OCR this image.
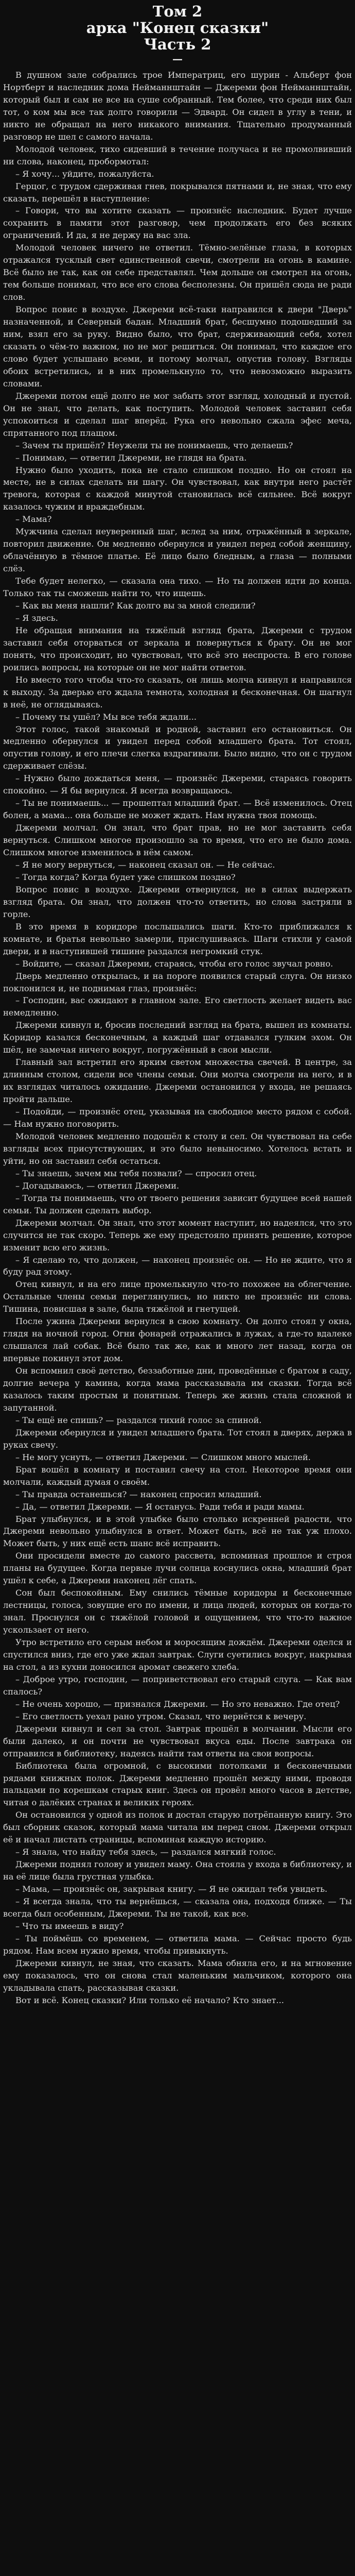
Том 2
арка "Конец сказки"
Часть 2
—

В душном зале собрались трое Императриц, его шурин - Альберт фон Нортберт и наследник дома Нейманнштайн — Джереми фон Нейманнштайн, который был и сам не все на суше собранный. Тем более, что среди них был тот, о ком мы все так долго говорили — Эдвард. Он сидел в углу в тени, и никто не обращал на него никакого внимания. Тщательно продуманный разговор не шел с самого начала.

Молодой человек, тихо сидевший в течение получаса и не промолвивший ни слова, наконец, пробормотал:

– Я хочу... уйдите, пожалуйста.

Герцог, с трудом сдерживая гнев, покрывался пятнами и, не зная, что ему сказать, перешёл в наступление:

– Говори, что вы хотите сказать — произнёс наследник. Будет лучше сохранить в памяти этот разговор, чем продолжать его без всяких ограничений. И да, я не держу на вас зла.

Молодой человек ничего не ответил. Тёмно-зелёные глаза, в которых отражался тусклый свет единственной свечи, смотрели на огонь в камине. Всё было не так, как он себе представлял. Чем дольше он смотрел на огонь, тем больше понимал, что все его слова бесполезны. Он пришёл сюда не ради слов.

Вопрос повис в воздухе. Джереми всё-таки направился к двери "Дверь" назначенной, и Северный бадан. Младший брат, бесшумно подошедший за ним, взял его за руку. Видно было, что брат, сдерживающий себя, хотел сказать о чём-то важном, но не мог решиться. Он понимал, что каждое его слово будет услышано всеми, и потому молчал, опустив голову. Взгляды обоих встретились, и в них промелькнуло то, что невозможно выразить словами.

Джереми потом ещё долго не мог забыть этот взгляд, холодный и пустой. Он не знал, что делать, как поступить. Молодой человек заставил себя успокоиться и сделал шаг вперёд. Рука его невольно сжала эфес меча, спрятанного под плащом.

– Зачем ты пришёл? Неужели ты не понимаешь, что делаешь?

– Понимаю, — ответил Джереми, не глядя на брата.

Нужно было уходить, пока не стало слишком поздно. Но он стоял на месте, не в силах сделать ни шагу. Он чувствовал, как внутри него растёт тревога, которая с каждой минутой становилась всё сильнее. Всё вокруг казалось чужим и враждебным.

– Мама?

Мужчина сделал неуверенный шаг, вслед за ним, отражённый в зеркале, повторил движение. Он медленно обернулся и увидел перед собой женщину, облачённую в тёмное платье. Её лицо было бледным, а глаза — полными слёз.

Тебе будет нелегко, — сказала она тихо. — Но ты должен идти до конца. Только так ты сможешь найти то, что ищешь.

– Как вы меня нашли? Как долго вы за мной следили?

– Я здесь.

Не обращая внимания на тяжёлый взгляд брата, Джереми с трудом заставил себя оторваться от зеркала и повернуться к брату. Он не мог понять, что происходит, но чувствовал, что всё это неспроста. В его голове роились вопросы, на которые он не мог найти ответов.

Но вместо того чтобы что-то сказать, он лишь молча кивнул и направился к выходу. За дверью его ждала темнота, холодная и бесконечная. Он шагнул в неё, не оглядываясь.

– Почему ты ушёл? Мы все тебя ждали...

Этот голос, такой знакомый и родной, заставил его остановиться. Он медленно обернулся и увидел перед собой младшего брата. Тот стоял, опустив голову, и его плечи слегка вздрагивали. Было видно, что он с трудом сдерживает слёзы.

– Нужно было дождаться меня, — произнёс Джереми, стараясь говорить спокойно. — Я бы вернулся. Я всегда возвращаюсь.

– Ты не понимаешь... — прошептал младший брат. — Всё изменилось. Отец болен, а мама... она больше не может ждать. Нам нужна твоя помощь.

Джереми молчал. Он знал, что брат прав, но не мог заставить себя вернуться. Слишком многое произошло за то время, что его не было дома. Слишком многое изменилось в нём самом.

– Я не могу вернуться, — наконец сказал он. — Не сейчас.

– Тогда когда? Когда будет уже слишком поздно?

Вопрос повис в воздухе. Джереми отвернулся, не в силах выдержать взгляд брата. Он знал, что должен что-то ответить, но слова застряли в горле.

В это время в коридоре послышались шаги. Кто-то приближался к комнате, и братья невольно замерли, прислушиваясь. Шаги стихли у самой двери, и в наступившей тишине раздался негромкий стук.

– Войдите, — сказал Джереми, стараясь, чтобы его голос звучал ровно.

Дверь медленно открылась, и на пороге появился старый слуга. Он низко поклонился и, не поднимая глаз, произнёс:

– Господин, вас ожидают в главном зале. Его светлость желает видеть вас немедленно.

Джереми кивнул и, бросив последний взгляд на брата, вышел из комнаты. Коридор казался бесконечным, а каждый шаг отдавался гулким эхом. Он шёл, не замечая ничего вокруг, погружённый в свои мысли.

Главный зал встретил его ярким светом множества свечей. В центре, за длинным столом, сидели все члены семьи. Они молча смотрели на него, и в их взглядах читалось ожидание. Джереми остановился у входа, не решаясь пройти дальше.

– Подойди, — произнёс отец, указывая на свободное место рядом с собой. — Нам нужно поговорить.

Молодой человек медленно подошёл к столу и сел. Он чувствовал на себе взгляды всех присутствующих, и это было невыносимо. Хотелось встать и уйти, но он заставил себя остаться.

– Ты знаешь, зачем мы тебя позвали? — спросил отец.

– Догадываюсь, — ответил Джереми.

– Тогда ты понимаешь, что от твоего решения зависит будущее всей нашей семьи. Ты должен сделать выбор.

Джереми молчал. Он знал, что этот момент наступит, но надеялся, что это случится не так скоро. Теперь же ему предстояло принять решение, которое изменит всю его жизнь.

– Я сделаю то, что должен, — наконец произнёс он. — Но не ждите, что я буду рад этому.

Отец кивнул, и на его лице промелькнуло что-то похожее на облегчение. Остальные члены семьи переглянулись, но никто не произнёс ни слова. Тишина, повисшая в зале, была тяжёлой и гнетущей.

После ужина Джереми вернулся в свою комнату. Он долго стоял у окна, глядя на ночной город. Огни фонарей отражались в лужах, а где-то вдалеке слышался лай собак. Всё было так же, как и много лет назад, когда он впервые покинул этот дом.

Он вспомнил своё детство, беззаботные дни, проведённые с братом в саду, долгие вечера у камина, когда мама рассказывала им сказки. Тогда всё казалось таким простым и понятным. Теперь же жизнь стала сложной и запутанной.

– Ты ещё не спишь? — раздался тихий голос за спиной.

Джереми обернулся и увидел младшего брата. Тот стоял в дверях, держа в руках свечу.

– Не могу уснуть, — ответил Джереми. — Слишком много мыслей.

Брат вошёл в комнату и поставил свечу на стол. Некоторое время они молчали, каждый думая о своём.

– Ты правда останешься? — наконец спросил младший.

– Да, — ответил Джереми. — Я останусь. Ради тебя и ради мамы.

Брат улыбнулся, и в этой улыбке было столько искренней радости, что Джереми невольно улыбнулся в ответ. Может быть, всё не так уж плохо. Может быть, у них ещё есть шанс всё исправить.

Они просидели вместе до самого рассвета, вспоминая прошлое и строя планы на будущее. Когда первые лучи солнца коснулись окна, младший брат ушёл к себе, а Джереми наконец лёг спать.

Сон был беспокойным. Ему снились тёмные коридоры и бесконечные лестницы, голоса, зовущие его по имени, и лица людей, которых он когда-то знал. Проснулся он с тяжёлой головой и ощущением, что что-то важное ускользает от него.

Утро встретило его серым небом и моросящим дождём. Джереми оделся и спустился вниз, где его уже ждал завтрак. Слуги суетились вокруг, накрывая на стол, а из кухни доносился аромат свежего хлеба.

– Доброе утро, господин, — поприветствовал его старый слуга. — Как вам спалось?

– Не очень хорошо, — признался Джереми. — Но это неважно. Где отец?

– Его светлость уехал рано утром. Сказал, что вернётся к вечеру.

Джереми кивнул и сел за стол. Завтрак прошёл в молчании. Мысли его были далеко, и он почти не чувствовал вкуса еды. После завтрака он отправился в библиотеку, надеясь найти там ответы на свои вопросы.

Библиотека была огромной, с высокими потолками и бесконечными рядами книжных полок. Джереми медленно прошёл между ними, проводя пальцами по корешкам старых книг. Здесь он провёл много часов в детстве, читая о далёких странах и великих героях.

Он остановился у одной из полок и достал старую потрёпанную книгу. Это был сборник сказок, который мама читала им перед сном. Джереми открыл её и начал листать страницы, вспоминая каждую историю.

– Я знала, что найду тебя здесь, — раздался мягкий голос.

Джереми поднял голову и увидел маму. Она стояла у входа в библиотеку, и на её лице была грустная улыбка.

– Мама, — произнёс он, закрывая книгу. — Я не ожидал тебя увидеть.

– Я всегда знала, что ты вернёшься, — сказала она, подходя ближе. — Ты всегда был особенным, Джереми. Ты не такой, как все.

– Что ты имеешь в виду?

– Ты поймёшь со временем, — ответила мама. — Сейчас просто будь рядом. Нам всем нужно время, чтобы привыкнуть.

Джереми кивнул, не зная, что сказать. Мама обняла его, и на мгновение ему показалось, что он снова стал маленьким мальчиком, которого она укладывала спать, рассказывая сказки.

Вот и всё. Конец сказки? Или только её начало? Кто знает...
